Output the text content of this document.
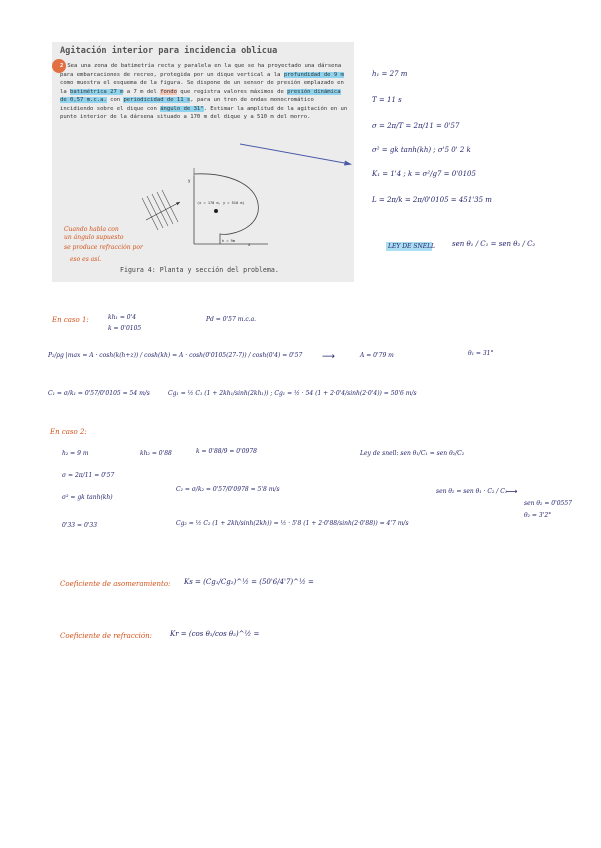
Agitación interior para incidencia oblicua
2 Sea una zona de batimetría recta y paralela en la que se ha proyectado una dársena para embarcaciones de recreo, protegida por un dique vertical a la profundidad de 9 m como muestra el esquema de la figura. Se dispone de un sensor de presión emplazado en la batimétrica 27 m a 7 m del fondo que registra valores máximos de presión dinámica de 0,57 m.c.a. con periodicidad de 11 s, para un tren de ondas monocromático incidiendo sobre el dique con ángulo de 31°. Estimar la amplitud de la agitación en un punto interior de la dársena situado a 170 m del dique y a 510 m del morro.
y
x
(x = 170 m, y = 510 m)
h = 9m
Figura 4: Planta y sección del problema.
Cuando habla con
un ángulo supuesto
se produce refracción por
eso es así.
h₁ = 27 m
T = 11 s
σ = 2π/T = 2π/11 = 0'57
σ² = gk tanh(kh) ; σ'5 0' 2 k
K₁ = 1'4 ; k = σ²/g7 = 0'0105
L = 2π/k = 2π/0'0105 = 451'35 m
LEY DE SNELL sen θ₁ / C₁ = sen θ₂ / C₂
En caso 1:	kh₁ = 0'4
k = 0'0105
Pd = 0'57 m.c.a.
P₂/ρg |max = A · cosh(k(h+z)) / cosh(kh) = A · cosh(0'0105(27-7)) / cosh(0'4) = 0'57	⟶	A = 0'79 m	θ₁ = 31°
C₁ = σ/k₁ = 0'57/0'0105 = 54 m/s	Cg₁ = ½ C₁ (1 + 2kh₁/sinh(2kh₁)) ; Cg₁ = ½ · 54 (1 + 2·0'4/sinh(2·0'4)) = 50'6 m/s
En caso 2:
h₂ = 9 m	kh₂ = 0'88	k = 0'88/9 = 0'0978	Ley de snell: sen θ₁/C₁ = sen θ₂/C₂
σ = 2π/11 = 0'57
σ² = gk tanh(kh)
C₂ = σ/k₂ = 0'57/0'0978 = 5'8 m/s	sen θ₂ = sen θ₁ · C₂ / C₁
⟶
sen θ₂ = 0'0557
θ₂ = 3'2°
0'33 = 0'33	Cg₂ = ½ C₂ (1 + 2kh/sinh(2kh)) = ½ · 5'8 (1 + 2·0'88/sinh(2·0'88)) = 4'7 m/s
Coeficiente de asomeramiento: Ks = (Cg₁/Cg₂)^½ = (50'6/4'7)^½ =
Coeficiente de refracción:	Kr = (cos θ₁/cos θ₂)^½ =
